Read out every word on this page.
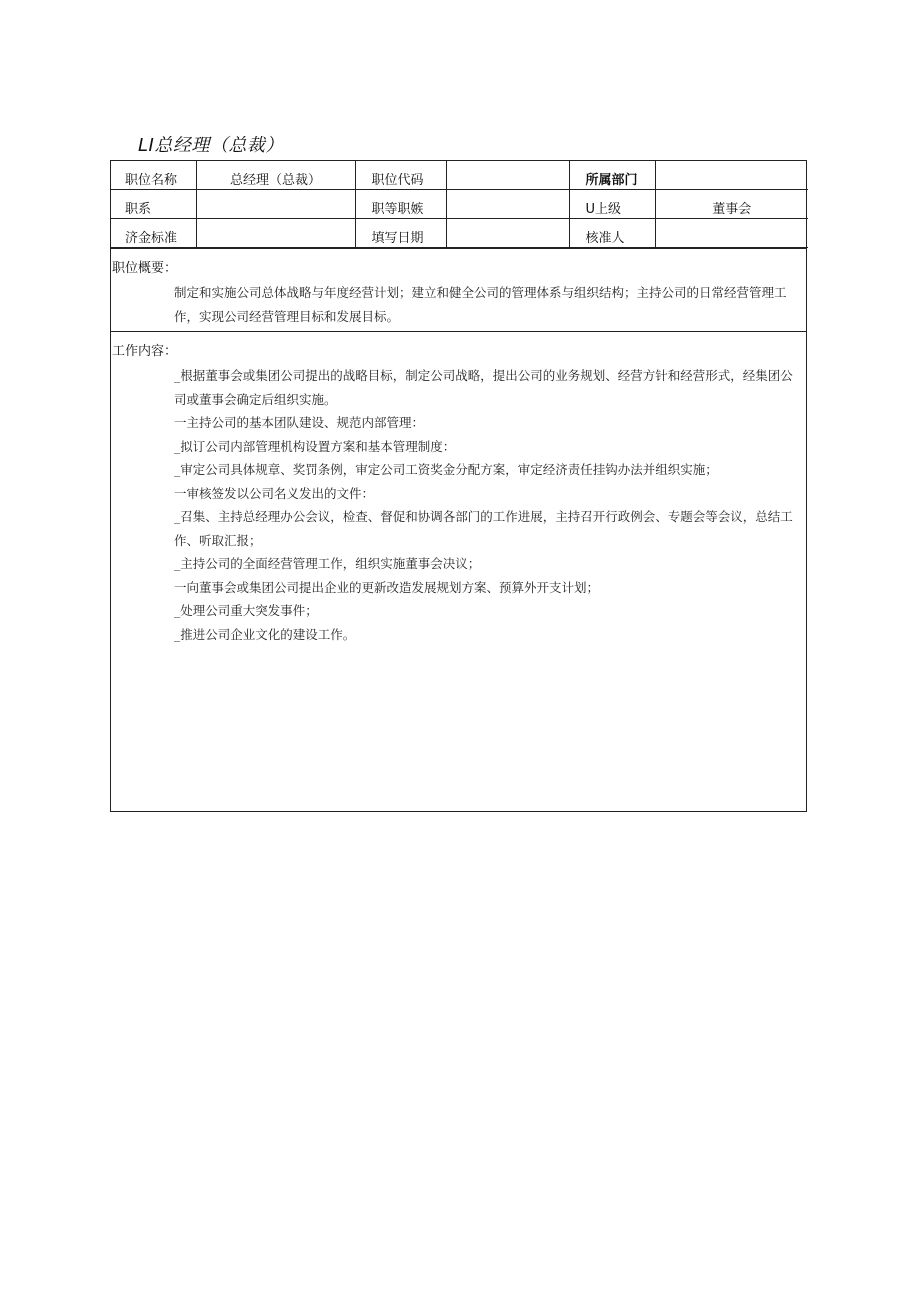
LI总经理（总裁）
职位名称	总经理（总裁）	职位代码		所属部门	
职系		职等职嫉		U上级	董事会
济金标准		填写日期		核准人	
职位概要：
制定和实施公司总体战略与年度经营计划；建立和健全公司的管理体系与组织结构；主持公司的日常经营管理工作，实现公司经营管理目标和发展目标。
工作内容：
_根据董事会或集团公司提出的战略目标，制定公司战略，提出公司的业务规划、经营方针和经营形式，经集团公司或董事会确定后组织实施。
一主持公司的基本团队建设、规范内部管理：
_拟订公司内部管理机构设置方案和基本管理制度：
_审定公司具体规章、奖罚条例，审定公司工资奖金分配方案，审定经济责任挂钩办法并组织实施；
一审核签发以公司名义发出的文件：
_召集、主持总经理办公会议，检查、督促和协调各部门的工作进展，主持召开行政例会、专题会等会议，总结工作、听取汇报；
_主持公司的全面经营管理工作，组织实施董事会决议；
一向董事会或集团公司提出企业的更新改造发展规划方案、预算外开支计划；
_处理公司重大突发事件；
_推进公司企业文化的建设工作。
